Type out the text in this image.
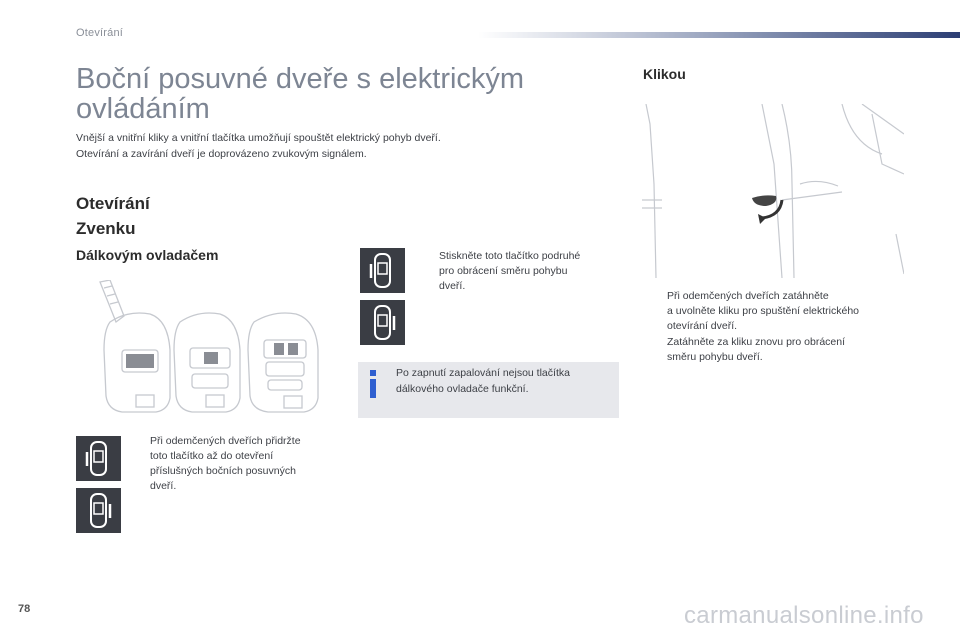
Otevírání
Boční posuvné dveře s elektrickým
ovládáním
Vnější a vnitřní kliky a vnitřní tlačítka umožňují spouštět elektrický pohyb dveří.
Otevírání a zavírání dveří je doprovázeno zvukovým signálem.
Otevírání
Zvenku
Dálkovým ovladačem
Při odemčených dveřích přidržte
toto tlačítko až do otevření
příslušných bočních posuvných
dveří.
Stiskněte toto tlačítko podruhé
pro obrácení směru pohybu
dveří.
Po zapnutí zapalování nejsou tlačítka
dálkového ovladače funkční.
Klikou
Při odemčených dveřích zatáhněte
a uvolněte kliku pro spuštění elektrického
otevírání dveří.
Zatáhněte za kliku znovu pro obrácení
směru pohybu dveří.
78	carmanualsonline.info
